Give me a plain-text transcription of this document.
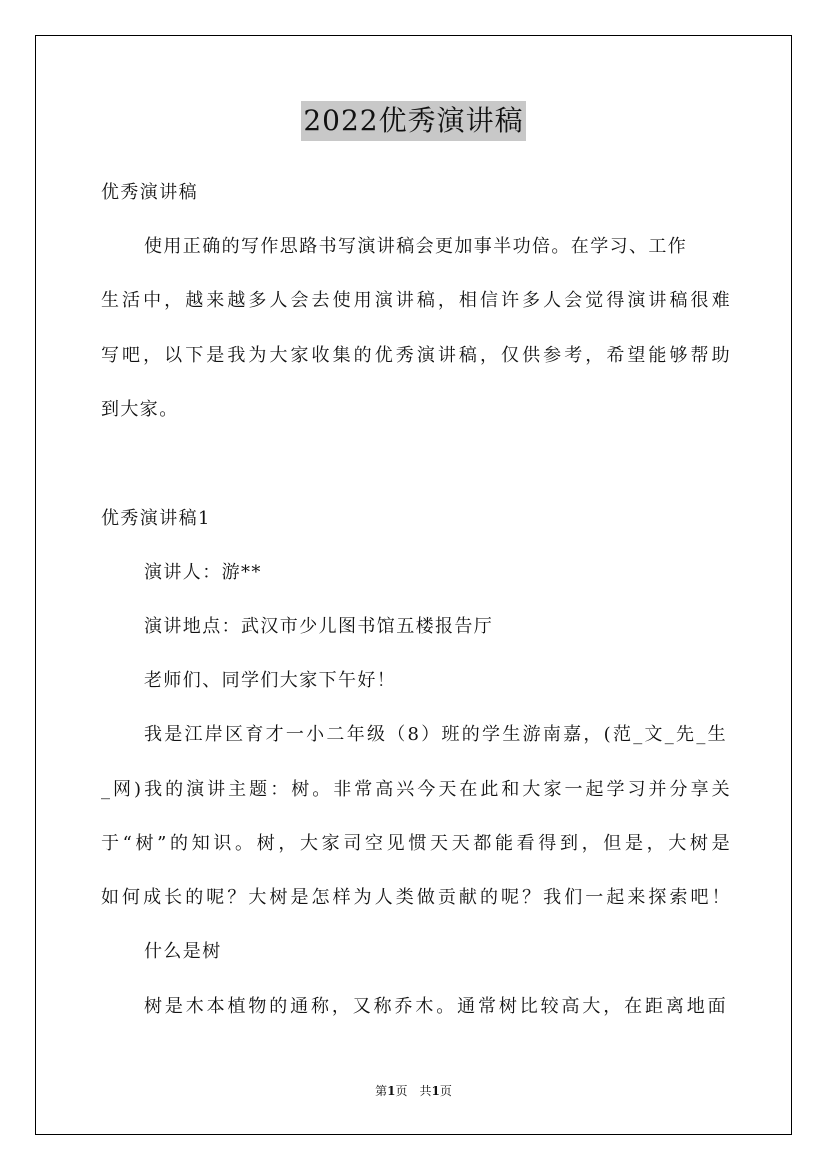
2022优秀演讲稿
优秀演讲稿
使用正确的写作思路书写演讲稿会更加事半功倍。在学习、工作
生活中，越来越多人会去使用演讲稿，相信许多人会觉得演讲稿很难
写吧，以下是我为大家收集的优秀演讲稿，仅供参考，希望能够帮助
到大家。
优秀演讲稿1
演讲人：游**
演讲地点：武汉市少儿图书馆五楼报告厅
老师们、同学们大家下午好！
我是江岸区育才一小二年级（8）班的学生游南嘉，(范_文_先_生
_网)我的演讲主题：树。非常高兴今天在此和大家一起学习并分享关
于“树”的知识。树，大家司空见惯天天都能看得到，但是，大树是
如何成长的呢？大树是怎样为人类做贡献的呢？我们一起来探索吧！
什么是树
树是木本植物的通称，又称乔木。通常树比较高大，在距离地面
第1页　共1页
